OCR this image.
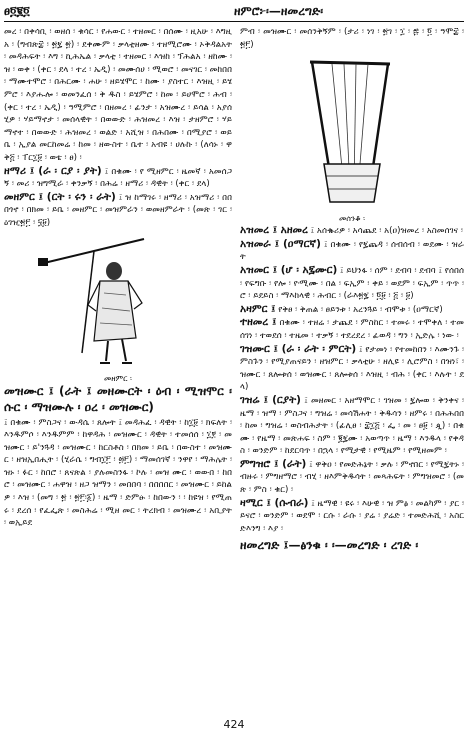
ፀ፬፪፬	ዘምሮ፦፡—ዘመረግድ፡

መረ ፡ በቀሳቢ ፡ ወዘሰ ፡ ቁሳር ፡ የሐውር ፡ ተዘመር ፡ በሰሙ ፡ ዚአሁ ፡ እግዚአ ፡ (ግብጽ፰ ፡ ፳፯ ፳) ፡ ደቀሙም ፡ ቃላቲዘሙ ፡ ተዘሚሮሙ ፡ ኦቅዳልአት ፡ መዳሕፍት ፡ እግ ፡ ኪሕኤል ፡ ቃላቲ ፡ ተዘመር ፡ እዝከ ፡ ፕሕልአ ፡ ዘከሙ ፡ ዝ ፡ ወቀ ፡ (ቀር ፡ ደላ ፡ ተረ ፡ ኤዲ) ፡ መሙሰሀ ፡ ሚወሮ ፡ መናገር ፡ መከበበ ፡ ማሙተሞሮ ፡ በሕርሙ ፡ ሐሁ ፡ ዘይሄሞር ፡ ከሙ ፡ ያስተር ፡ እዝዚ ፡ ይሄምሮ ፡ እያሑሎ ፡ ወመንፈሰ ፡ ቅ ዱስ ፡ ይሄምሮ ፡ ከመ ፡ ይሀሞሮ ፡ ሕብ ፡ (ቀር ፡ ተረ ፡ ኤዲ) ፡ ዓሚምሮ ፡ በዘመረ ፡ ፊንታ ፡ አዝሙረ ፡ ይሳል ፡ አያሰሂዎ ፡ ሃይማኖታ ፡ መሰላዊት ፡ በወውድ ፡ ሕዝመረ ፡ እዝ ፡ ታዘምሮ ፡ ሃይማኖተ ፡ በወውድ ፡ ሕዝመረ ፡ ወልድ ፡ አሺዝ ፡ በሕበሙ ፡ በሚያሮ ፡ ወይቤ ፡ ኢያል መርከመሬ ፡ ከመ ፡ ዘውስተ ፡ ቤተ ፡ አብዩ ፡ ሀሉኩ ፡ (ለሳኑ ፡ ዋቅ፭ ፡ ፐር፲፱ ፡ ወቴ ፡ ፀ) ፡

ዘማሪ ፤ (ራ ፡ ርያ ፡ ያት) ፤ በቁሙ ፡ የ ሚዘምር ፡ ዜመኛ ፡ አመሰጋኝ ፡ መሪ ፡ ዝግሚራ ፡ ቀንቃኝ ፡ በሕሬ ፡ ዘማሪ ፡ ዳዊት ፡ (ቀር ፡ ደላ)

መዘምር ፤ (ርት ፡ ሩን ፡ ራት) ፤ ዝ ከማገሩ ፡ ዘማሪ ፡ አዝማሪ ፡ በበበጎኖ ፡ በክመ ፡ ይቤ ፡ መዘምር ፡ መዝምራን ፡ ወመዘምራት ፡ (መጽ ፡ ገር ፡ ዕገዢ፳፫ ፡ ፶፱)

መዘምር ፡

መዝሙር ፤ (ራት ፤ መዘሙርት ፡ ዕብ ፡ ሚዝሞር ፡ ሱር ፡ ማዝሙሉ ፡ ዐረ ፡ መዝሙር)

፤ በቁሙ ፡ ምስጋና ፡ ውዳሴ ፡ ጸሎት ፤ መዳሕፈ ፡ ዳዊት ፡ ከ፲፱ ፡ ክፍለት ፡ እንዱምሶ ፡ እንዱምም ፡ ከዋዳሕ ፡ መዝሙር ፡ ዳዊት ፡ ተመሰሰ ፡ ፲፻ ፡ መዝሙር ፡ ይ'ንጓዳ ፡ መዝሙር ፡ ከርስቶስ ፡ በክመ ፡ ይቤ ፡ በውስተ ፡ መዝሙር ፡ ዘዝኢበሒት ፡ (ሂራሴ ፡ ግብ፲፫ ፡ ፴፫) ፡ ማመሰገኛ ፡ ንዋየ ፡ ማሕሌት ፡ ዝኑ ፡ ፉር ፡ ከበሮ ፡ ጸናጽል ፡ ያሉመስንፋ ፡ ኮሉ ፡ መዝ ሙር ፡ ወውበ ፡ ከበሮ ፡ መዝሙር ፡ ሐዋዝ ፡ ዘጋ ዝማን ፡ መበበባ ፡ በበበበር ፡ መዝሙር ፡ ይከልዎ ፡ እዝ ፡ (መግ ፡ ፳ ፡ ፳፫፡፩) ፡ ዜማ ፡ ድምፁ ፡ ከበውን ፡ ፡ ከዩዝ ፡ የሚጠሩ ፡ ደረሰ ፡ የፈፌጽ ፡ መስሕሬ ፡ ሚዘ መር ፡ ትረክብ ፡ መዝሙረ ፡ አቢያት ፡ ወኢይደ

ምብ ፡ መዝሙር ፡ መሰንቅኝም ፡ (ታሪ ፡ ነገ ፡ ፳ገ ፡ ፲ ፡ ፷ ፡ ፬ ፡ ዓሞ፰ ፡ ፳፫)

መሰንቆ ፡

አዝመረ ፤ አዘመረ ፤ አሰቈሪዎ ፡ አሳጨደ ፡ አ(ዐ)ዝመረ ፡ አስመሰገና ፡

አዝመራ ፤ (ዐማርኛ) ፤ በቁሙ ፡ የ፯ጨዳ ፡ ሰብሰብ ፡ ወደሙ ፡ ዝራት

አዝመር ፤ (ሆ ፡ አ፯ሙር) ፤ ይህንፋ ፡ ሰም ፡ ደብባ ፡ ደብባ ፤ የሰበሰ ፡ የፍግቡ ፡ የሎ ፡ ዮሚሙ ፡ በል ፡ ፍኢም ፡ ቀይ ፡ ወደም ፡ ፍኢም ፡ ጥጥ ፡ ሮ ፡ ይደይስ ፡ ማእከላዊ ፡ ሕብር ፡ (ራእ፳፯ ፡ ፬፱ ፡ ፭ ፡ ፱)

አዛምር ፤ የቅፀ ፡ ቅጠል ፡ ፀይንቱ ፡ አረንጓይ ፡ ብሞቱ ፡ (ዐማርኛ)

ተዘመረ ፤ በቁሙ ፡ ተዘሬ ፡ ታጨደ ፡ ምስከር ፡ ተመሩ ፡ ተሞቀለ ፡ ተመሰገነ ፡ ተወደሰ ፡ ተዜመ ፡ ተቃኝ ፡ ተደረደረ ፡ ፊወዳ ፡ ግን ፡ ኢድሌ ፡ ነው ፡

ገዝሙር ፤ (ራ ፡ ራት ፡ ምርት) ፤ የታመነ ፡ የተመከበን ፡ እሙንጉ ፡ ምስጉን ፡ የሚያጠናይን ፡ ዘዝምር ፡ ቃላቲሁ ፡ ዘሊዩ ፡ ሊሮምስ ፡ በዝነ፣ ፡ ዝሙር ፡ ጸሎቱሰ ፡ ወዝሙር ፡ ጸሎቱሰ ፡ እዝዚ ፡ ብሕ ፡ (ቀር ፡ እሉት ፡ ደላ)

ገዝሬ ፤ (ርያት) ፤ መዘመር ፡ አዘማሞር ፡ ገዝመ ፡ ፯ሎወ ፡ ቅንቀና ፡ ዜማ ፡ ዝማ ፡ ምስጋና ፡ ግዝሬ ፡ መሳሽሐት ፡ ቅዱሳን ፡ ዘምሩ ፡ በሕሕበበ ፡ ከመ ፡ ግዝሬ ፡ ወስብሕታት ፡ (ፊሊፀ ፡ ፰፲፭ ፡ ፌ ፡ መ ፡ ፀ፱ ፡ ዺ) ፡ በቁሙ ፡ የዜማ ፡ መጽሐፍ ፡ ስም ፡ ፪፯ሙ ፡ አወጣጥ ፡ ዜማ ፡ እንዱላ ፡ የቀዳስ ፡ ወንድም ፡ ከደርባጥ ፡ በኋላ ፡ የሚታዊ ፡ የሚዜም ፡ የሚዘመም ፡

ምግዝሮ ፤ (ራት) ፤ ዋቅዐ ፡ የመድሕኔት ፡ ቃሉ ፡ ምኖበር ፡ የሚ፯ትኑ ፡ ብዙሩ ፡ ምግዘማሮ ፡ ብሂ ፡ ዘእምቅዱሳት ፡ መጻሕፍት ፡ ምግዝመሮ ፡ (መጽ ፡ ምስ ፡ ቁር) ፡

ዛሚር ፤ (ሱብራ) ፤ ዜማዊ ፡ ዩሩ ፡ እሁዊ ፡ ዝ ምፅ ፡ መልካም ፡ ያር ፡ ይናሮ ፡ ወንድም ፡ ወደሞ ፡ ርሱ ፡ ራሱ ፡ ያሬ ፡ ያሬድ ፡ ተመድሕሺ ፡ አስርድእንግ ፡ እያ ፡

ዘመረግድ ፤—ፅንቁ ፡ ፡—መረግድ ፡ ረገድ ፡

424
